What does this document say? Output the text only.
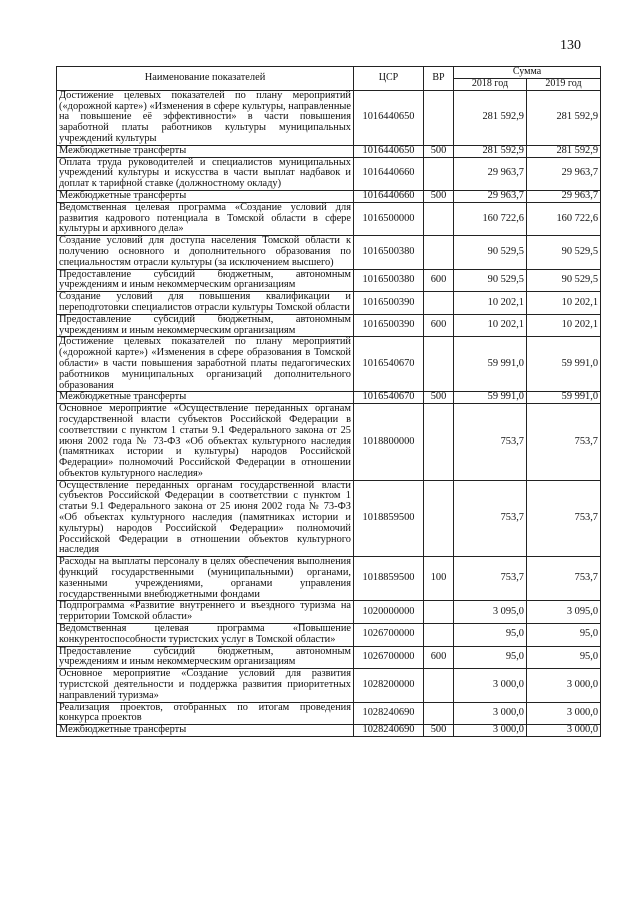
130
Наименование показателей	ЦСР	ВР	Сумма	
			2018 год	2019 год
Достижение целевых показателей по плану мероприятий («дорожной карте») «Изменения в сфере культуры, направленные на повышение её эффективности» в части повышения заработной платы работников культуры муниципальных учреждений культуры	1016440650		281 592,9	281 592,9
Межбюджетные трансферты	1016440650	500	281 592,9	281 592,9
Оплата труда руководителей и специалистов муниципальных учреждений культуры и искусства в части выплат надбавок и доплат к тарифной ставке (должностному окладу)	1016440660		29 963,7	29 963,7
Межбюджетные трансферты	1016440660	500	29 963,7	29 963,7
Ведомственная целевая программа «Создание условий для развития кадрового потенциала в Томской области в сфере культуры и архивного дела»	1016500000		160 722,6	160 722,6
Создание условий для доступа населения Томской области к получению основного и дополнительного образования по специальностям отрасли культуры (за исключением высшего)	1016500380		90 529,5	90 529,5
Предоставление субсидий бюджетным, автономным учреждениям и иным некоммерческим организациям	1016500380	600	90 529,5	90 529,5
Создание условий для повышения квалификации и переподготовки специалистов отрасли культуры Томской области	1016500390		10 202,1	10 202,1
Предоставление субсидий бюджетным, автономным учреждениям и иным некоммерческим организациям	1016500390	600	10 202,1	10 202,1
Достижение целевых показателей по плану мероприятий («дорожной карте») «Изменения в сфере образования в Томской области» в части повышения заработной платы педагогических работников муниципальных организаций дополнительного образования	1016540670		59 991,0	59 991,0
Межбюджетные трансферты	1016540670	500	59 991,0	59 991,0
Основное мероприятие «Осуществление переданных органам государственной власти субъектов Российской Федерации в соответствии с пунктом 1 статьи 9.1 Федерального закона от 25 июня 2002 года № 73-ФЗ «Об объектах культурного наследия (памятниках истории и культуры) народов Российской Федерации» полномочий Российской Федерации в отношении объектов культурного наследия»	1018800000		753,7	753,7
Осуществление переданных органам государственной власти субъектов Российской Федерации в соответствии с пунктом 1 статьи 9.1 Федерального закона от 25 июня 2002 года № 73-ФЗ «Об объектах культурного наследия (памятниках истории и культуры) народов Российской Федерации» полномочий Российской Федерации в отношении объектов культурного наследия	1018859500		753,7	753,7
Расходы на выплаты персоналу в целях обеспечения выполнения функций государственными (муниципальными) органами, казенными учреждениями, органами управления государственными внебюджетными фондами	1018859500	100	753,7	753,7
Подпрограмма «Развитие внутреннего и въездного туризма на территории Томской области»	1020000000		3 095,0	3 095,0
Ведомственная целевая программа «Повышение конкурентоспособности туристских услуг в Томской области»	1026700000		95,0	95,0
Предоставление субсидий бюджетным, автономным учреждениям и иным некоммерческим организациям	1026700000	600	95,0	95,0
Основное мероприятие «Создание условий для развития туристской деятельности и поддержка развития приоритетных направлений туризма»	1028200000		3 000,0	3 000,0
Реализация проектов, отобранных по итогам проведения конкурса проектов	1028240690		3 000,0	3 000,0
Межбюджетные трансферты	1028240690	500	3 000,0	3 000,0
